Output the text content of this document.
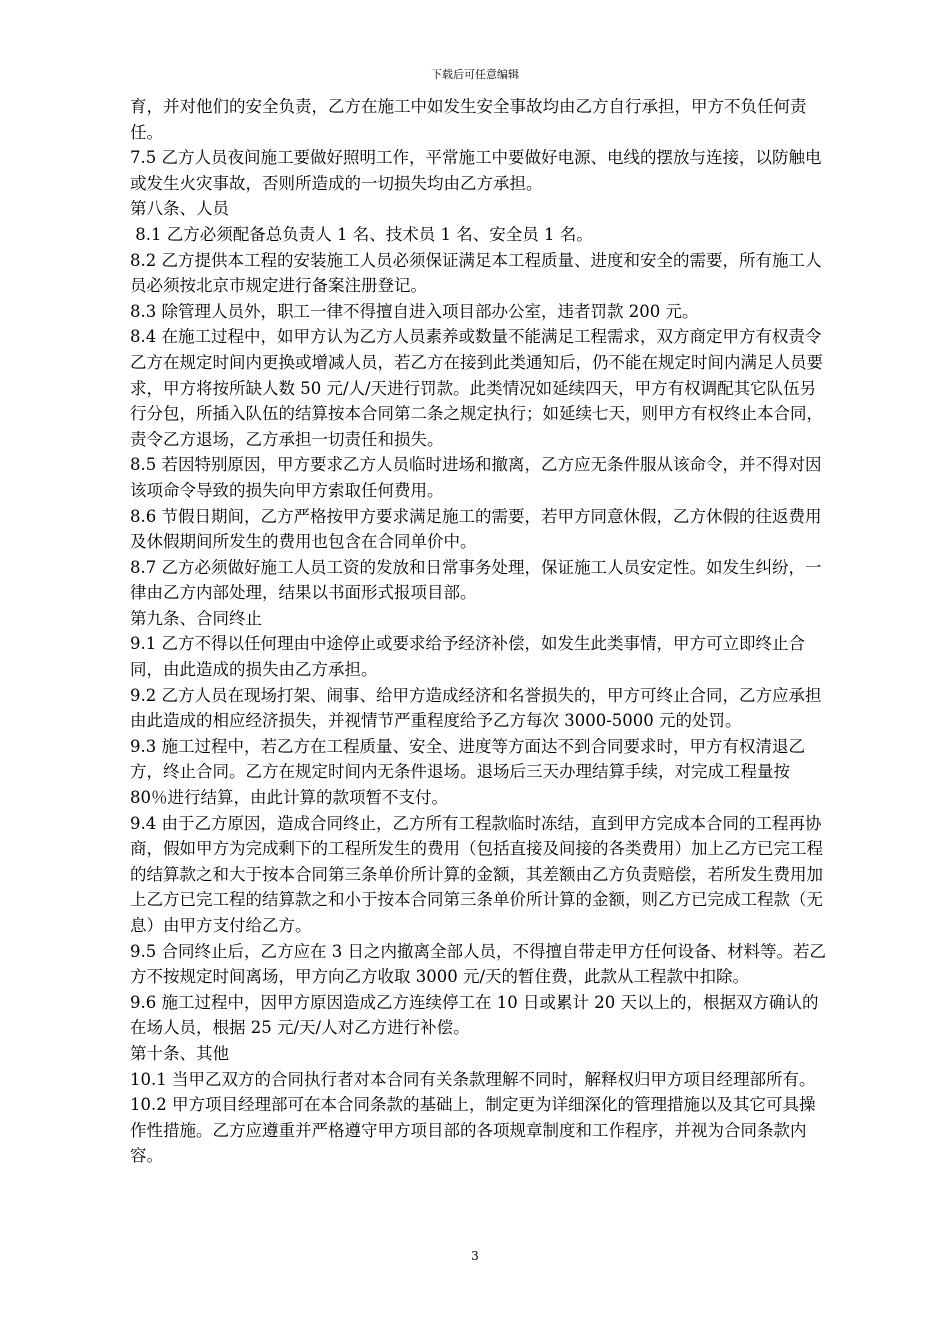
下载后可任意编辑

育，并对他们的安全负责，乙方在施工中如发生安全事故均由乙方自行承担，甲方不负任何责任。

7.5 乙方人员夜间施工要做好照明工作，平常施工中要做好电源、电线的摆放与连接，以防触电或发生火灾事故，否则所造成的一切损失均由乙方承担。

第八条、人员

8.1 乙方必须配备总负责人 1 名、技术员 1 名、安全员 1 名。

8.2 乙方提供本工程的安装施工人员必须保证满足本工程质量、进度和安全的需要，所有施工人员必须按北京市规定进行备案注册登记。

8.3 除管理人员外，职工一律不得擅自进入项目部办公室，违者罚款 200 元。

8.4 在施工过程中，如甲方认为乙方人员素养或数量不能满足工程需求，双方商定甲方有权责令乙方在规定时间内更换或增减人员，若乙方在接到此类通知后，仍不能在规定时间内满足人员要求，甲方将按所缺人数 50 元/人/天进行罚款。此类情况如延续四天，甲方有权调配其它队伍另行分包，所插入队伍的结算按本合同第二条之规定执行；如延续七天，则甲方有权终止本合同，责令乙方退场，乙方承担一切责任和损失。

8.5 若因特别原因，甲方要求乙方人员临时进场和撤离，乙方应无条件服从该命令，并不得对因该项命令导致的损失向甲方索取任何费用。

8.6 节假日期间，乙方严格按甲方要求满足施工的需要，若甲方同意休假，乙方休假的往返费用及休假期间所发生的费用也包含在合同单价中。

8.7 乙方必须做好施工人员工资的发放和日常事务处理，保证施工人员安定性。如发生纠纷，一律由乙方内部处理，结果以书面形式报项目部。

第九条、合同终止

9.1 乙方不得以任何理由中途停止或要求给予经济补偿，如发生此类事情，甲方可立即终止合同，由此造成的损失由乙方承担。

9.2 乙方人员在现场打架、闹事、给甲方造成经济和名誉损失的，甲方可终止合同，乙方应承担由此造成的相应经济损失，并视情节严重程度给予乙方每次 3000-5000 元的处罚。

9.3 施工过程中，若乙方在工程质量、安全、进度等方面达不到合同要求时，甲方有权清退乙方，终止合同。乙方在规定时间内无条件退场。退场后三天办理结算手续，对完成工程量按 80％进行结算，由此计算的款项暂不支付。

9.4 由于乙方原因，造成合同终止，乙方所有工程款临时冻结，直到甲方完成本合同的工程再协商，假如甲方为完成剩下的工程所发生的费用（包括直接及间接的各类费用）加上乙方已完工程的结算款之和大于按本合同第三条单价所计算的金额，其差额由乙方负责赔偿，若所发生费用加上乙方已完工程的结算款之和小于按本合同第三条单价所计算的金额，则乙方已完成工程款（无息）由甲方支付给乙方。

9.5 合同终止后，乙方应在 3 日之内撤离全部人员，不得擅自带走甲方任何设备、材料等。若乙方不按规定时间离场，甲方向乙方收取 3000 元/天的暂住费，此款从工程款中扣除。

9.6 施工过程中，因甲方原因造成乙方连续停工在 10 日或累计 20 天以上的，根据双方确认的在场人员，根据 25 元/天/人对乙方进行补偿。

第十条、其他

10.1 当甲乙双方的合同执行者对本合同有关条款理解不同时，解释权归甲方项目经理部所有。

10.2 甲方项目经理部可在本合同条款的基础上，制定更为详细深化的管理措施以及其它可具操作性措施。乙方应遵重并严格遵守甲方项目部的各项规章制度和工作程序，并视为合同条款内容。

3
